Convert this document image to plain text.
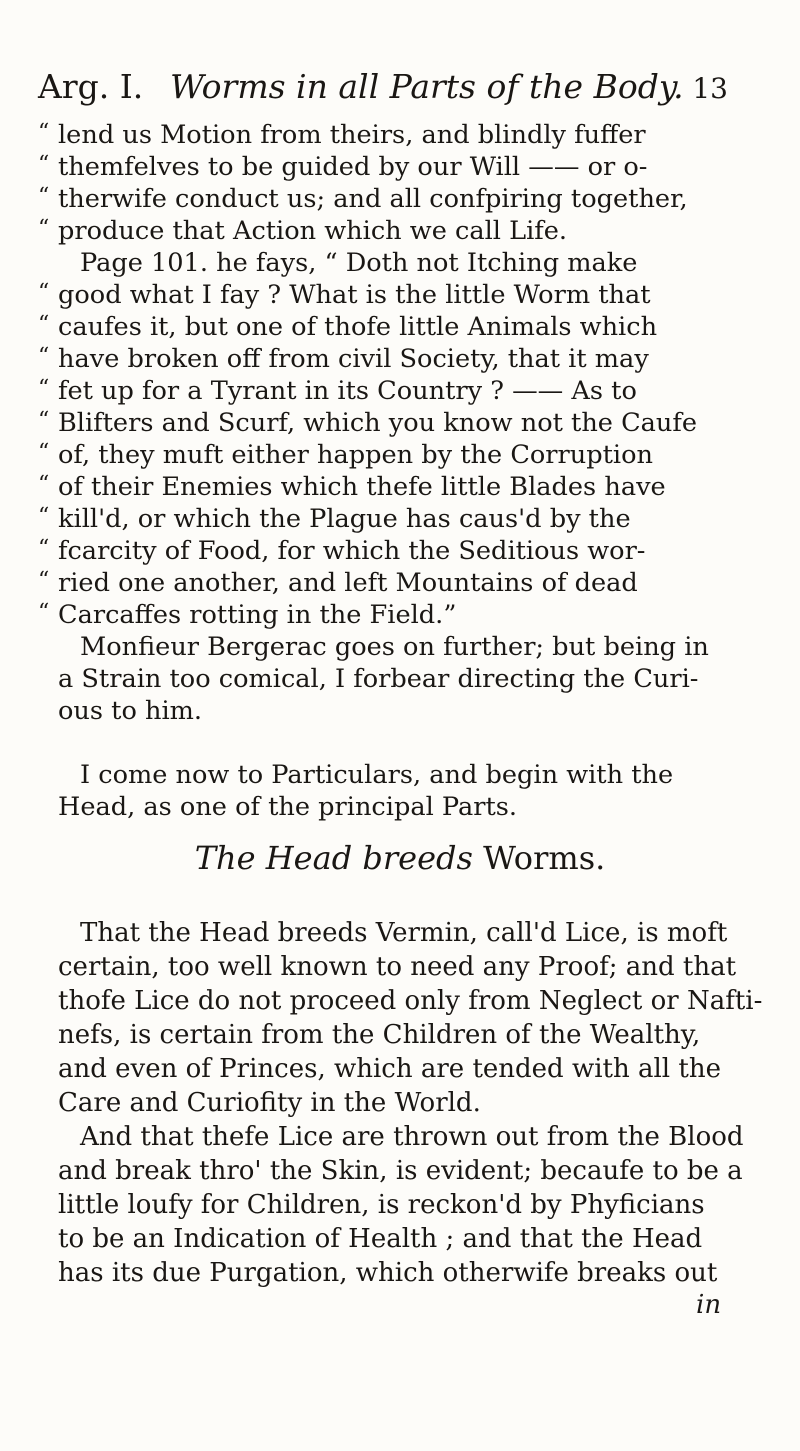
Arg. I. Worms in all Parts of the Body. 13
“ lend us Motion from theirs, and blindly fuffer
“ themfelves to be guided by our Will —— or o-
“ therwife conduct us; and all confpiring together,
“ produce that Action which we call Life.
Page 101. he fays, “ Doth not Itching make
“ good what I fay ? What is the little Worm that
“ caufes it, but one of thofe little Animals which
“ have broken off from civil Society, that it may
“ fet up for a Tyrant in its Country ? —— As to
“ Blifters and Scurf, which you know not the Caufe
“ of, they muft either happen by the Corruption
“ of their Enemies which thefe little Blades have
“ kill'd, or which the Plague has caus'd by the
“ fcarcity of Food, for which the Seditious wor-
“ ried one another, and left Mountains of dead
“ Carcaffes rotting in the Field.”
Monfieur Bergerac goes on further; but being in
a Strain too comical, I forbear directing the Curi-
ous to him.
I come now to Particulars, and begin with the
Head, as one of the principal Parts.
That the Head breeds Vermin, call'd Lice, is moft
certain, too well known to need any Proof; and that
thofe Lice do not proceed only from Neglect or Nafti-
nefs, is certain from the Children of the Wealthy,
and even of Princes, which are tended with all the
Care and Curiofity in the World.
And that thefe Lice are thrown out from the Blood
and break thro' the Skin, is evident; becaufe to be a
little loufy for Children, is reckon'd by Phyficians
to be an Indication of Health ; and that the Head
has its due Purgation, which otherwife breaks out
The Head breeds Worms.
in
